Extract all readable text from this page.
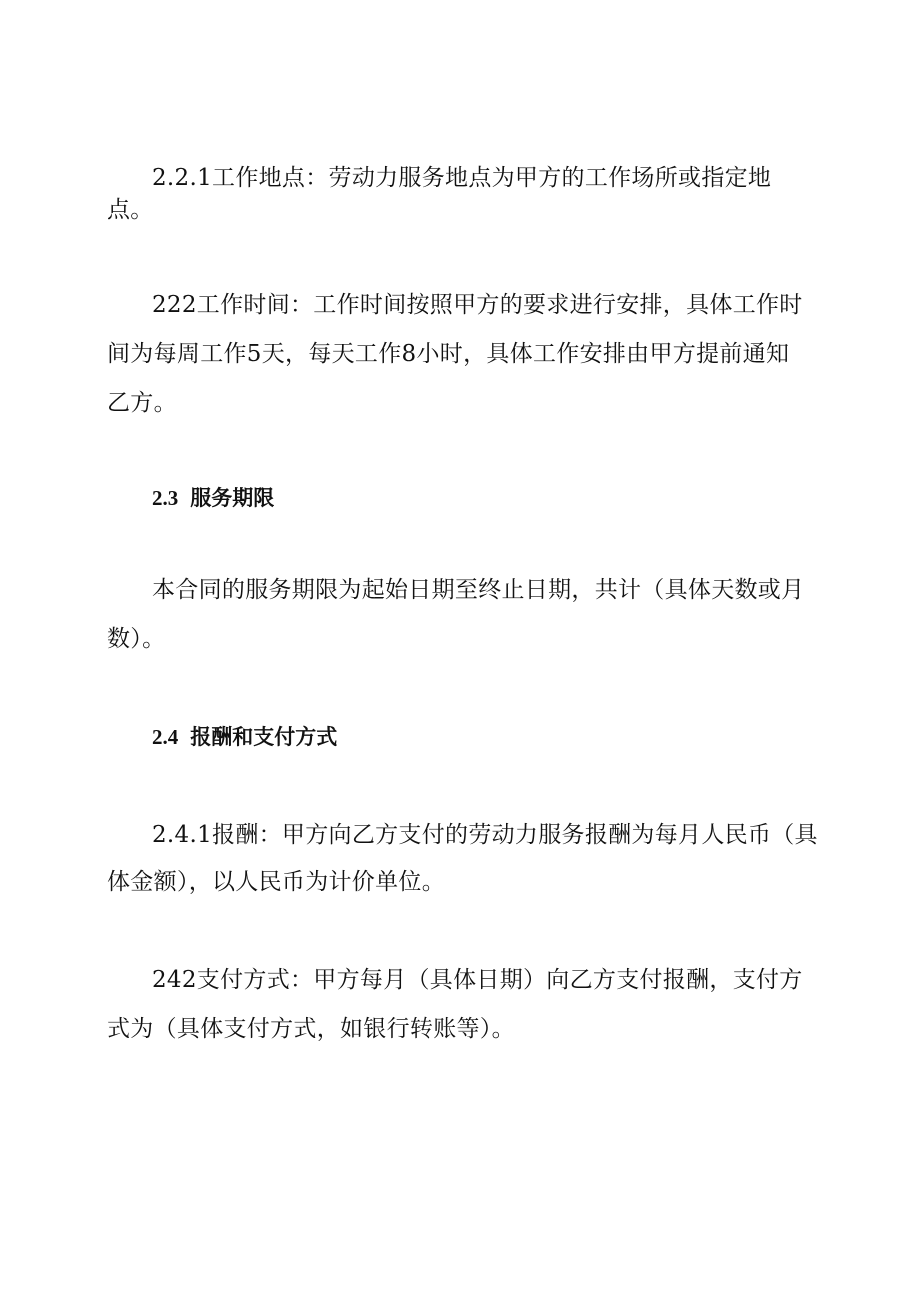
2.2.1工作地点：劳动力服务地点为甲方的工作场所或指定地
点。
222工作时间：工作时间按照甲方的要求进行安排，具体工作时
间为每周工作5天，每天工作8小时，具体工作安排由甲方提前通知
乙方。
2.3 服务期限
本合同的服务期限为起始日期至终止日期，共计（具体天数或月
数）。
2.4 报酬和支付方式
2.4.1报酬：甲方向乙方支付的劳动力服务报酬为每月人民币（具
体金额），以人民币为计价单位。
242支付方式：甲方每月（具体日期）向乙方支付报酬，支付方
式为（具体支付方式，如银行转账等）。
